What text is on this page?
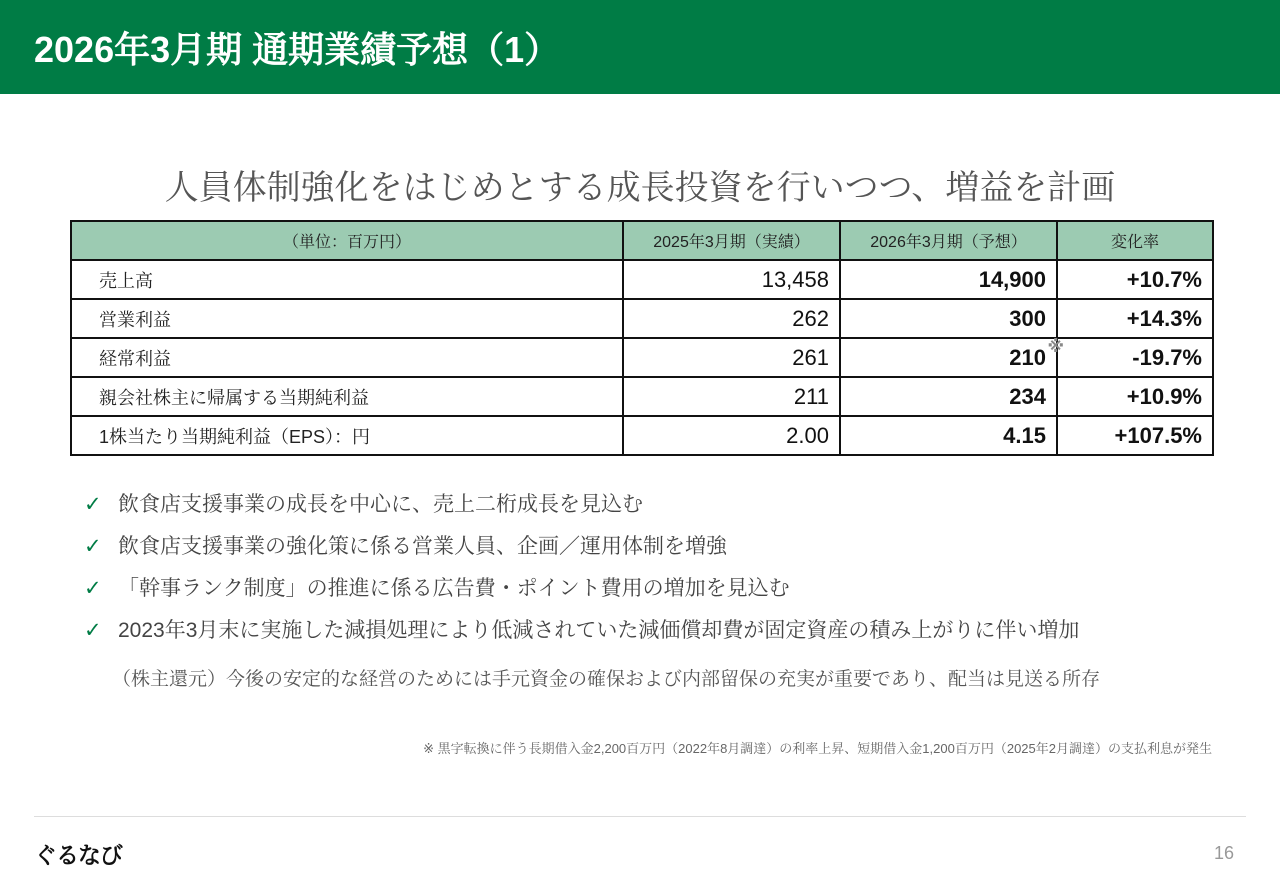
2026年3月期 通期業績予想（1）
人員体制強化をはじめとする成長投資を行いつつ、増益を計画
（単位：百万円）	2025年3月期（実績）	2026年3月期（予想）	変化率
売上高	13,458	14,900	+10.7%
営業利益	262	300	+14.3%
経常利益	261	210 ※	-19.7%
親会社株主に帰属する当期純利益	211	234	+10.9%
1株当たり当期純利益（EPS）：円	2.00	4.15	+107.5%
✓ 飲食店支援事業の成長を中心に、売上二桁成長を見込む
✓ 飲食店支援事業の強化策に係る営業人員、企画／運用体制を増強
✓ 「幹事ランク制度」の推進に係る広告費・ポイント費用の増加を見込む
✓ 2023年3月末に実施した減損処理により低減されていた減価償却費が固定資産の積み上がりに伴い増加
（株主還元）今後の安定的な経営のためには手元資金の確保および内部留保の充実が重要であり、配当は見送る所存
※ 黒字転換に伴う長期借入金2,200百万円（2022年8月調達）の利率上昇、短期借入金1,200百万円（2025年2月調達）の支払利息が発生
ぐるなび	16
